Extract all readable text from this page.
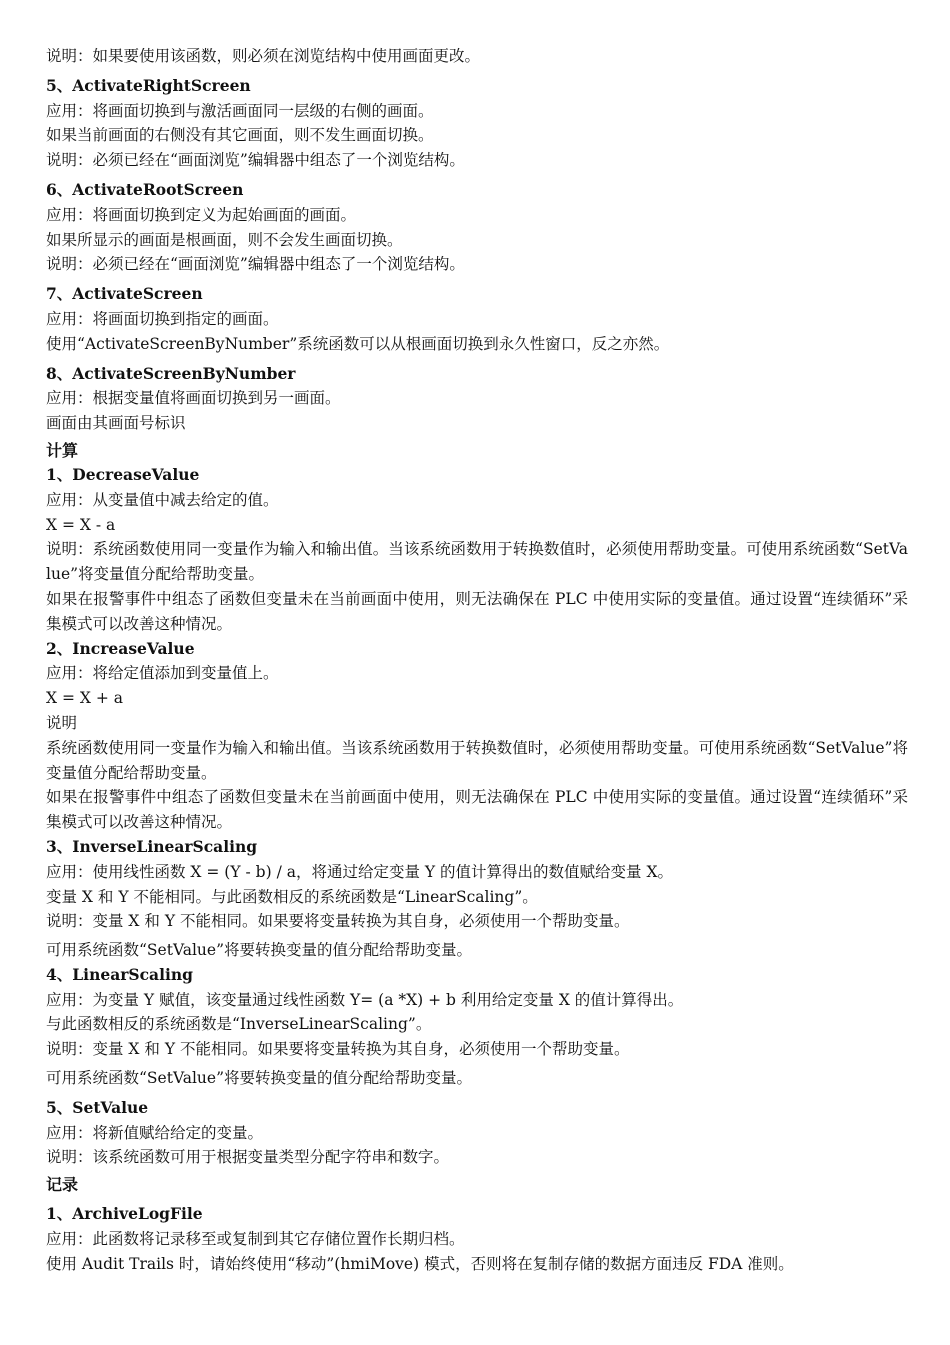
说明：如果要使用该函数，则必须在浏览结构中使用画面更改。
5、ActivateRightScreen
应用：将画面切换到与激活画面同一层级的右侧的画面。
如果当前画面的右侧没有其它画面，则不发生画面切换。
说明：必须已经在“画面浏览”编辑器中组态了一个浏览结构。
6、ActivateRootScreen
应用：将画面切换到定义为起始画面的画面。
如果所显示的画面是根画面，则不会发生画面切换。
说明：必须已经在“画面浏览”编辑器中组态了一个浏览结构。
7、ActivateScreen
应用：将画面切换到指定的画面。
使用“ActivateScreenByNumber”系统函数可以从根画面切换到永久性窗口，反之亦然。
8、ActivateScreenByNumber
应用：根据变量值将画面切换到另一画面。
画面由其画面号标识
计算
1、DecreaseValue
应用：从变量值中减去给定的值。
X = X - a
说明：系统函数使用同一变量作为输入和输出值。当该系统函数用于转换数值时，必须使用帮助变量。可使用系统函数“SetValue”将变量值分配给帮助变量。
如果在报警事件中组态了函数但变量未在当前画面中使用，则无法确保在 PLC 中使用实际的变量值。通过设置“连续循环”采集模式可以改善这种情况。
2、IncreaseValue
应用：将给定值添加到变量值上。
X = X + a
说明
系统函数使用同一变量作为输入和输出值。当该系统函数用于转换数值时，必须使用帮助变量。可使用系统函数“SetValue”将变量值分配给帮助变量。
如果在报警事件中组态了函数但变量未在当前画面中使用，则无法确保在 PLC 中使用实际的变量值。通过设置“连续循环”采集模式可以改善这种情况。
3、InverseLinearScaling
应用：使用线性函数 X = (Y - b) / a，将通过给定变量 Y 的值计算得出的数值赋给变量 X。
变量 X 和 Y 不能相同。与此函数相反的系统函数是“LinearScaling”。
说明：变量 X 和 Y 不能相同。如果要将变量转换为其自身，必须使用一个帮助变量。
可用系统函数“SetValue”将要转换变量的值分配给帮助变量。
4、LinearScaling
应用：为变量 Y 赋值，该变量通过线性函数 Y= (a *X) + b 利用给定变量 X 的值计算得出。
与此函数相反的系统函数是“InverseLinearScaling”。
说明：变量 X 和 Y 不能相同。如果要将变量转换为其自身，必须使用一个帮助变量。
可用系统函数“SetValue”将要转换变量的值分配给帮助变量。
5、SetValue
应用：将新值赋给给定的变量。
说明：该系统函数可用于根据变量类型分配字符串和数字。
记录
1、ArchiveLogFile
应用：此函数将记录移至或复制到其它存储位置作长期归档。
使用 Audit Trails 时，请始终使用“移动”(hmiMove) 模式，否则将在复制存储的数据方面违反 FDA 准则。
